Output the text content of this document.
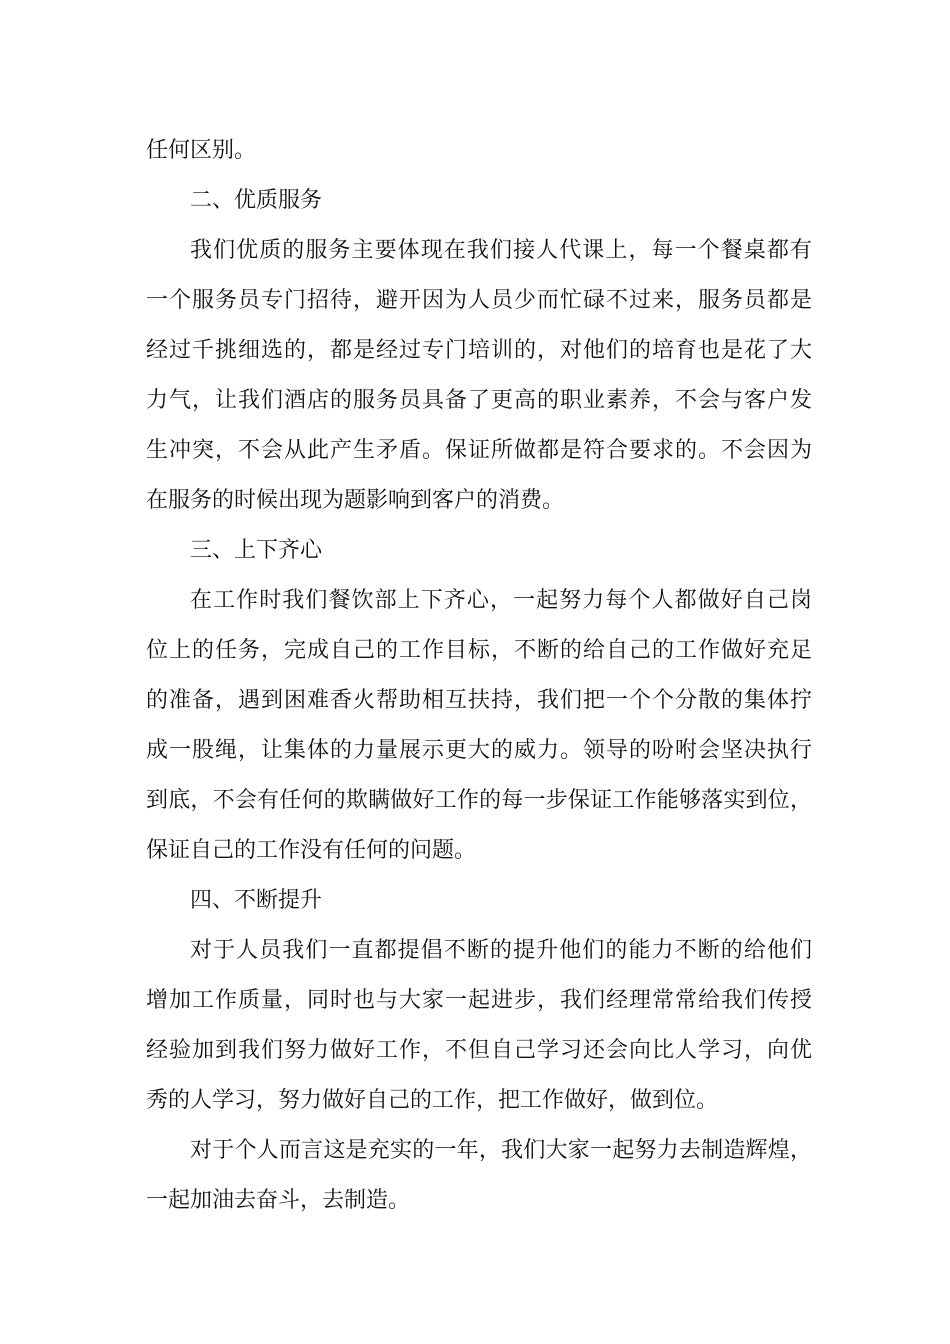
任何区别。
二、优质服务
我们优质的服务主要体现在我们接人代课上，每一个餐桌都有
一个服务员专门招待，避开因为人员少而忙碌不过来，服务员都是
经过千挑细选的，都是经过专门培训的，对他们的培育也是花了大
力气，让我们酒店的服务员具备了更高的职业素养，不会与客户发
生冲突，不会从此产生矛盾。保证所做都是符合要求的。不会因为
在服务的时候出现为题影响到客户的消费。
三、上下齐心
在工作时我们餐饮部上下齐心，一起努力每个人都做好自己岗
位上的任务，完成自己的工作目标，不断的给自己的工作做好充足
的准备，遇到困难香火帮助相互扶持，我们把一个个分散的集体拧
成一股绳，让集体的力量展示更大的威力。领导的吩咐会坚决执行
到底，不会有任何的欺瞒做好工作的每一步保证工作能够落实到位，
保证自己的工作没有任何的问题。
四、不断提升
对于人员我们一直都提倡不断的提升他们的能力不断的给他们
增加工作质量，同时也与大家一起进步，我们经理常常给我们传授
经验加到我们努力做好工作，不但自己学习还会向比人学习，向优
秀的人学习，努力做好自己的工作，把工作做好，做到位。
对于个人而言这是充实的一年，我们大家一起努力去制造辉煌，
一起加油去奋斗，去制造。
